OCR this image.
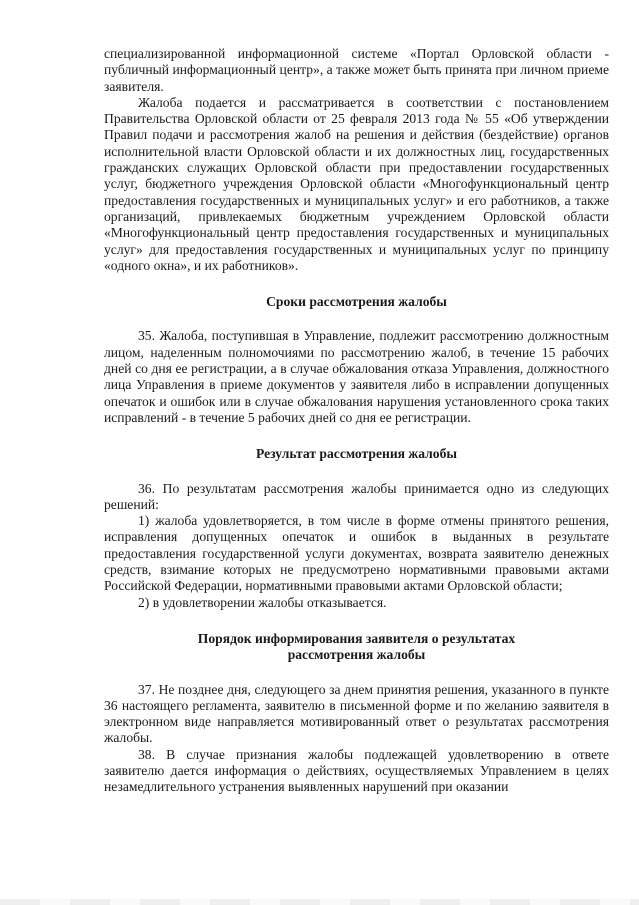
специализированной информационной системе «Портал Орловской области - публичный информационный центр», а также может быть принята при личном приеме заявителя.

Жалоба подается и рассматривается в соответствии с постановлением Правительства Орловской области от 25 февраля 2013 года № 55 «Об утверждении Правил подачи и рассмотрения жалоб на решения и действия (бездействие) органов исполнительной власти Орловской области и их должностных лиц, государственных гражданских служащих Орловской области при предоставлении государственных услуг, бюджетного учреждения Орловской области «Многофункциональный центр предоставления государственных и муниципальных услуг» и его работников, а также организаций, привлекаемых бюджетным учреждением Орловской области «Многофункциональный центр предоставления государственных и муниципальных услуг» для предоставления государственных и муниципальных услуг по принципу «одного окна», и их работников».

Сроки рассмотрения жалобы

35. Жалоба, поступившая в Управление, подлежит рассмотрению должностным лицом, наделенным полномочиями по рассмотрению жалоб, в течение 15 рабочих дней со дня ее регистрации, а в случае обжалования отказа Управления, должностного лица Управления в приеме документов у заявителя либо в исправлении допущенных опечаток и ошибок или в случае обжалования нарушения установленного срока таких исправлений - в течение 5 рабочих дней со дня ее регистрации.

Результат рассмотрения жалобы

36. По результатам рассмотрения жалобы принимается одно из следующих решений:

1) жалоба удовлетворяется, в том числе в форме отмены принятого решения, исправления допущенных опечаток и ошибок в выданных в результате предоставления государственной услуги документах, возврата заявителю денежных средств, взимание которых не предусмотрено нормативными правовыми актами Российской Федерации, нормативными правовыми актами Орловской области;

2) в удовлетворении жалобы отказывается.

Порядок информирования заявителя о результатах
рассмотрения жалобы

37. Не позднее дня, следующего за днем принятия решения, указанного в пункте 36 настоящего регламента, заявителю в письменной форме и по желанию заявителя в электронном виде направляется мотивированный ответ о результатах рассмотрения жалобы.

38. В случае признания жалобы подлежащей удовлетворению в ответе заявителю дается информация о действиях, осуществляемых Управлением в целях незамедлительного устранения выявленных нарушений при оказании
